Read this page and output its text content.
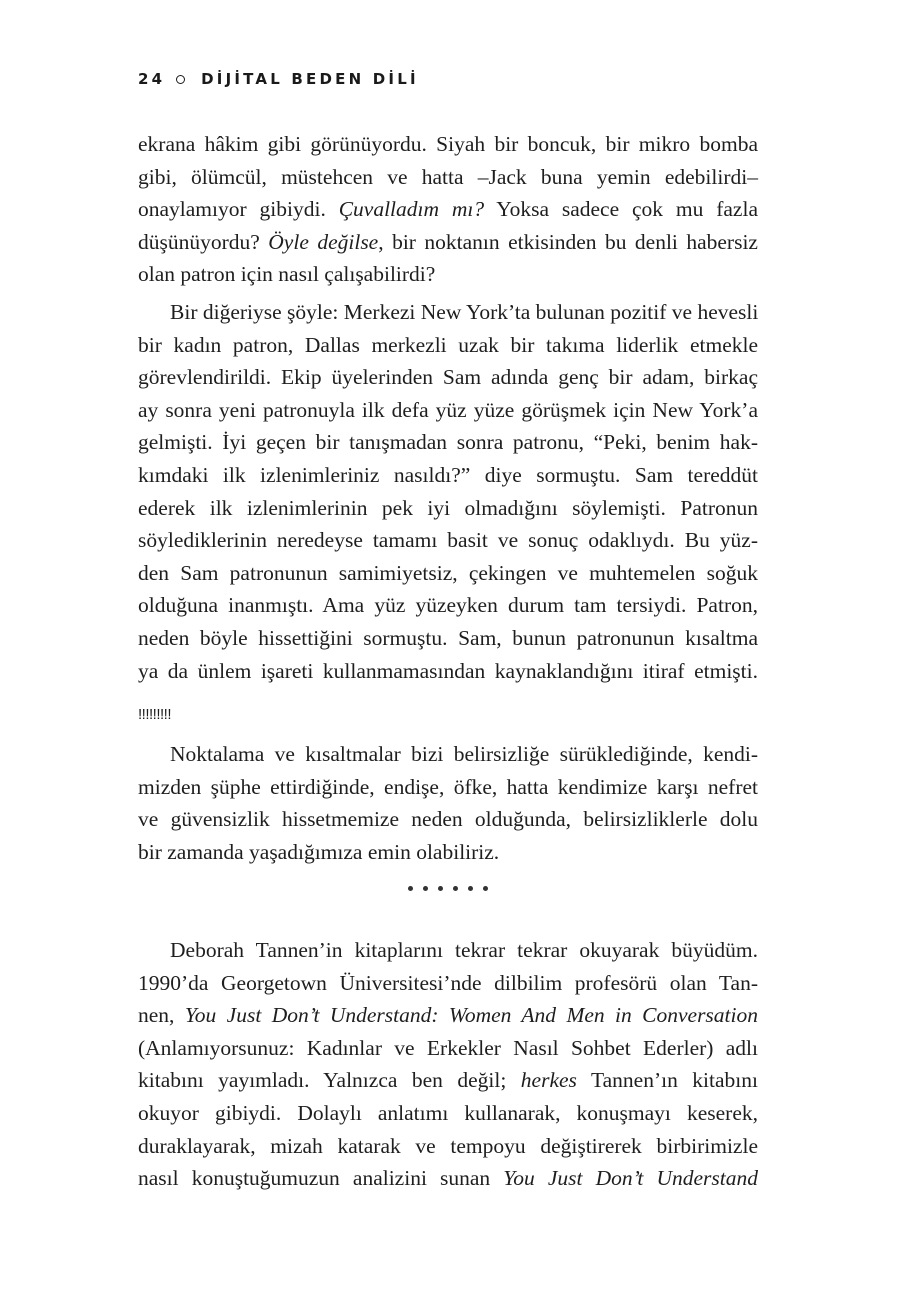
24 DİJİTAL BEDEN DİLİ
ekrana hâkim gibi görünüyordu. Siyah bir boncuk, bir mikro bomba
gibi, ölümcül, müstehcen ve hatta –Jack buna yemin edebilirdi–
onaylamıyor gibiydi. Çuvalladım mı? Yoksa sadece çok mu fazla
düşünüyordu? Öyle değilse, bir noktanın etkisinden bu denli habersiz
olan patron için nasıl çalışabilirdi?
Bir diğeriyse şöyle: Merkezi New York’ta bulunan pozitif ve hevesli
bir kadın patron, Dallas merkezli uzak bir takıma liderlik etmekle
görevlendirildi. Ekip üyelerinden Sam adında genç bir adam, birkaç
ay sonra yeni patronuyla ilk defa yüz yüze görüşmek için New York’a
gelmişti. İyi geçen bir tanışmadan sonra patronu, “Peki, benim hak-
kımdaki ilk izlenimleriniz nasıldı?” diye sormuştu. Sam tereddüt
ederek ilk izlenimlerinin pek iyi olmadığını söylemişti. Patronun
söylediklerinin neredeyse tamamı basit ve sonuç odaklıydı. Bu yüz-
den Sam patronunun samimiyetsiz, çekingen ve muhtemelen soğuk
olduğuna inanmıştı. Ama yüz yüzeyken durum tam tersiydi. Patron,
neden böyle hissettiğini sormuştu. Sam, bunun patronunun kısaltma
ya da ünlem işareti kullanmamasından kaynaklandığını itiraf etmişti.
!!!!!!!!!
Noktalama ve kısaltmalar bizi belirsizliğe sürüklediğinde, kendi-
mizden şüphe ettirdiğinde, endişe, öfke, hatta kendimize karşı nefret
ve güvensizlik hissetmemize neden olduğunda, belirsizliklerle dolu
bir zamanda yaşadığımıza emin olabiliriz.
Deborah Tannen’in kitaplarını tekrar tekrar okuyarak büyüdüm.
1990’da Georgetown Üniversitesi’nde dilbilim profesörü olan Tan-
nen, You Just Don’t Understand: Women And Men in Conversation
(Anlamıyorsunuz: Kadınlar ve Erkekler Nasıl Sohbet Ederler) adlı
kitabını yayımladı. Yalnızca ben değil; herkes Tannen’ın kitabını
okuyor gibiydi. Dolaylı anlatımı kullanarak, konuşmayı keserek,
duraklayarak, mizah katarak ve tempoyu değiştirerek birbirimizle
nasıl konuştuğumuzun analizini sunan You Just Don’t Understand
